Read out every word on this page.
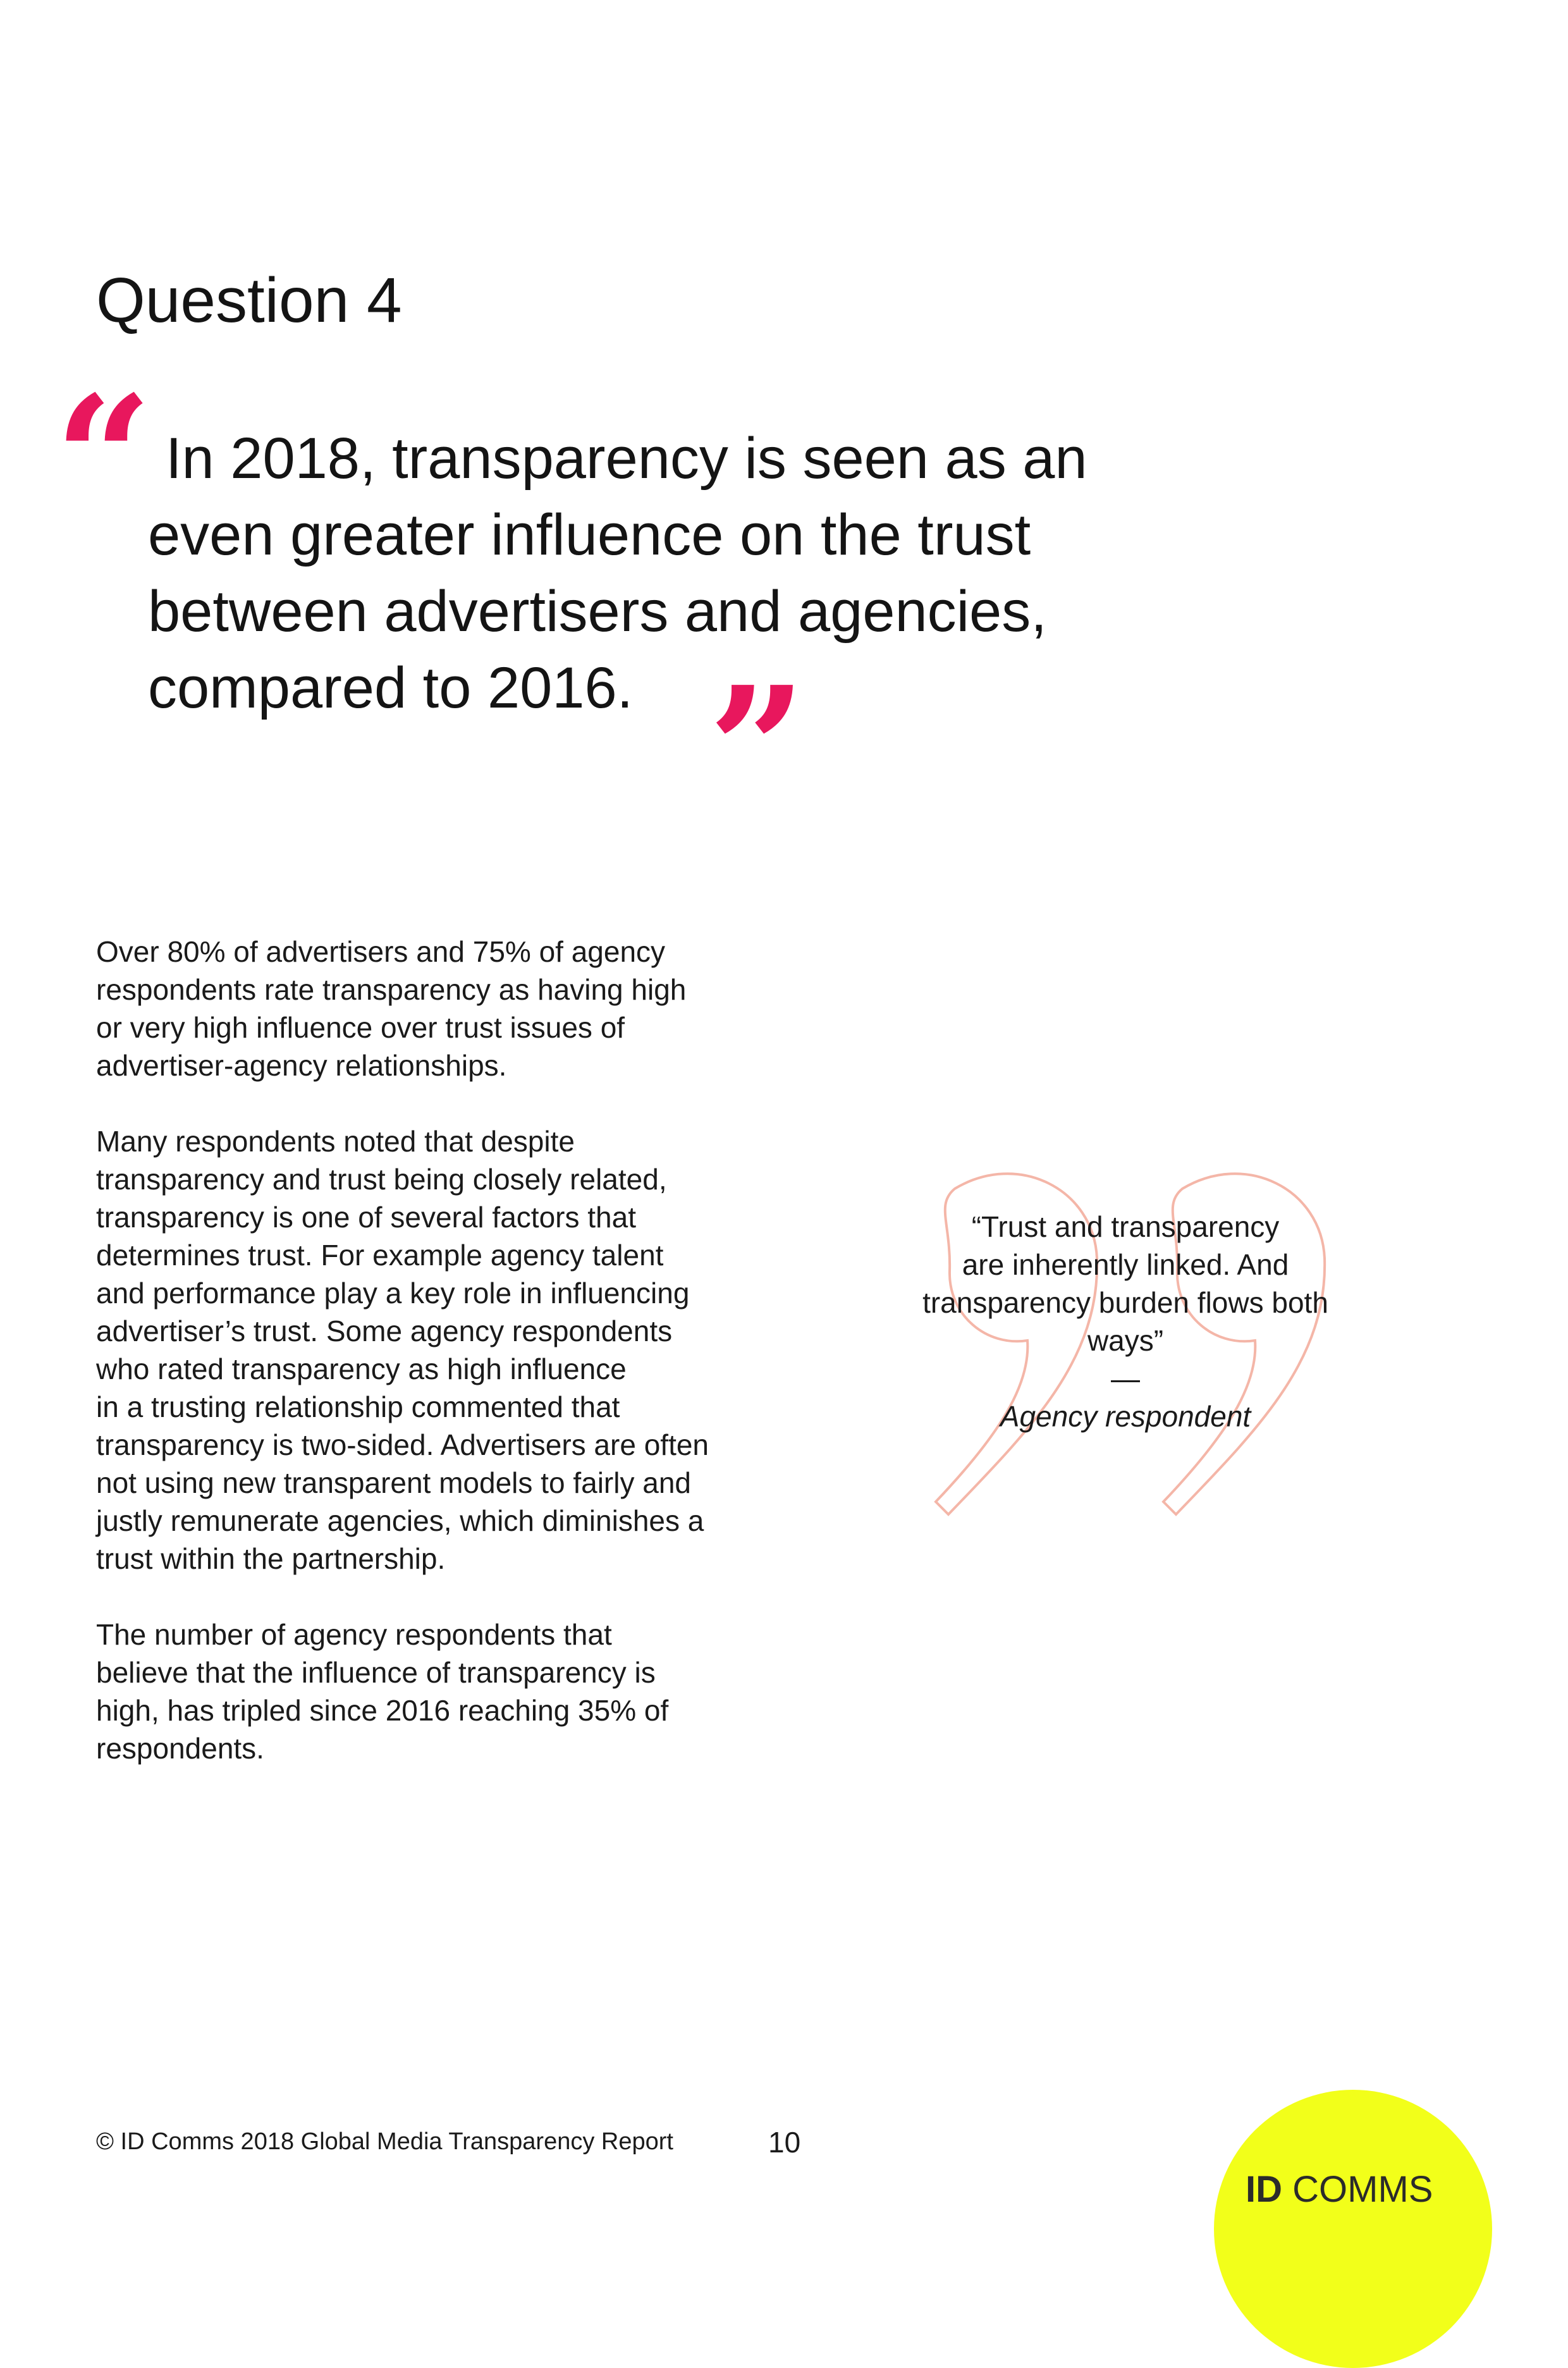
Question 4
“ In 2018, transparency is seen as an
even greater influence on the trust
between advertisers and agencies,
compared to 2016. ”

Over 80% of advertisers and 75% of agency
respondents rate transparency as having high
or very high influence over trust issues of
advertiser-agency relationships.

Many respondents noted that despite
transparency and trust being closely related,
transparency is one of several factors that
determines trust. For example agency talent
and performance play a key role in influencing
advertiser’s trust. Some agency respondents
who rated transparency as high influence
in a trusting relationship commented that
transparency is two-sided. Advertisers are often
not using new transparent models to fairly and
justly remunerate agencies, which diminishes a
trust within the partnership.

The number of agency respondents that
believe that the influence of transparency is
high, has tripled since 2016 reaching 35% of
respondents.

“Trust and transparency
are inherently linked. And
transparency burden flows both
ways”

—

Agency respondent

© ID Comms 2018 Global Media Transparency Report	10
ID COMMS
